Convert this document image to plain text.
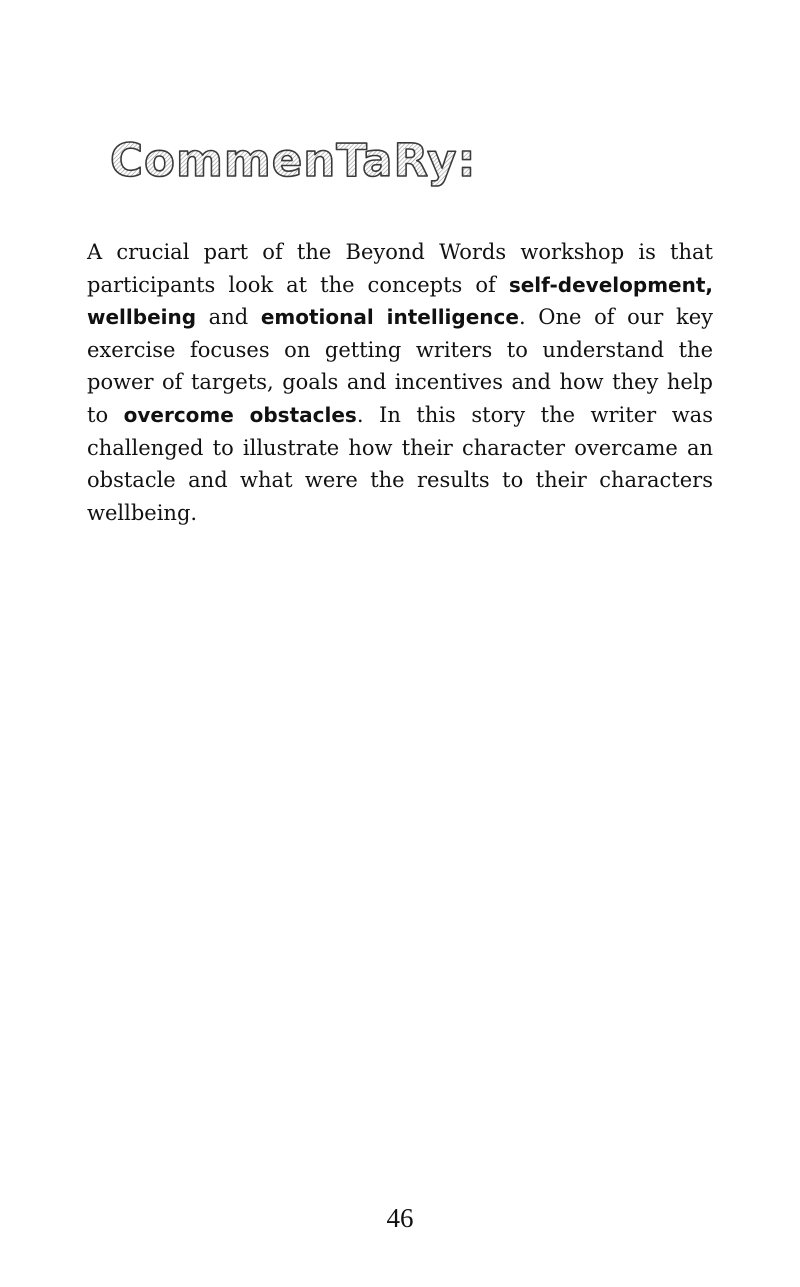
CommenTaRy:

A crucial part of the Beyond Words workshop is that participants look at the concepts of self-development, wellbeing and emotional intelligence. One of our key exercise focuses on getting writers to understand the power of targets, goals and incentives and how they help to overcome obstacles. In this story the writer was challenged to illustrate how their character overcame an obstacle and what were the results to their characters wellbeing.

46
